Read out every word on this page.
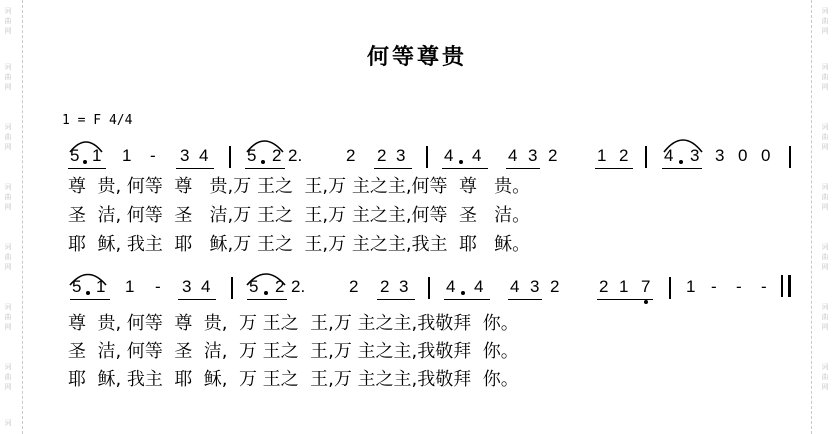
词
曲
网
词
曲
网
词
曲
网
词
曲
网
词
曲
网
词
曲
网
词
曲
网
词
词
曲
网
词
曲
网
词
曲
网
词
曲
网
词
曲
网
词
曲
网
词
曲
网
何等尊贵
1 = F 4/4
5 1 1 - 3 4 5 2 2.	2 2 3 4 4 4 3 2 1 2 4 3 3 0 0
尊  贵, 何等  尊   贵,万 王之  王,万 主之主,何等  尊   贵。
圣  洁, 何等  圣   洁,万 王之  王,万 主之主,何等  圣   洁。
耶  稣, 我主  耶   稣,万 王之  王,万 主之主,我主  耶   稣。
5 1 1 - 3 4 5 2 2.	2 2 3 4 4 4 3 2 2 1 7 1 - - -
尊  贵, 何等  尊  贵,  万 王之  王,万 主之主,我敬拜  你。
圣  洁, 何等  圣  洁,  万 王之  王,万 主之主,我敬拜  你。
耶  稣, 我主  耶  稣,  万 王之  王,万 主之主,我敬拜  你。
